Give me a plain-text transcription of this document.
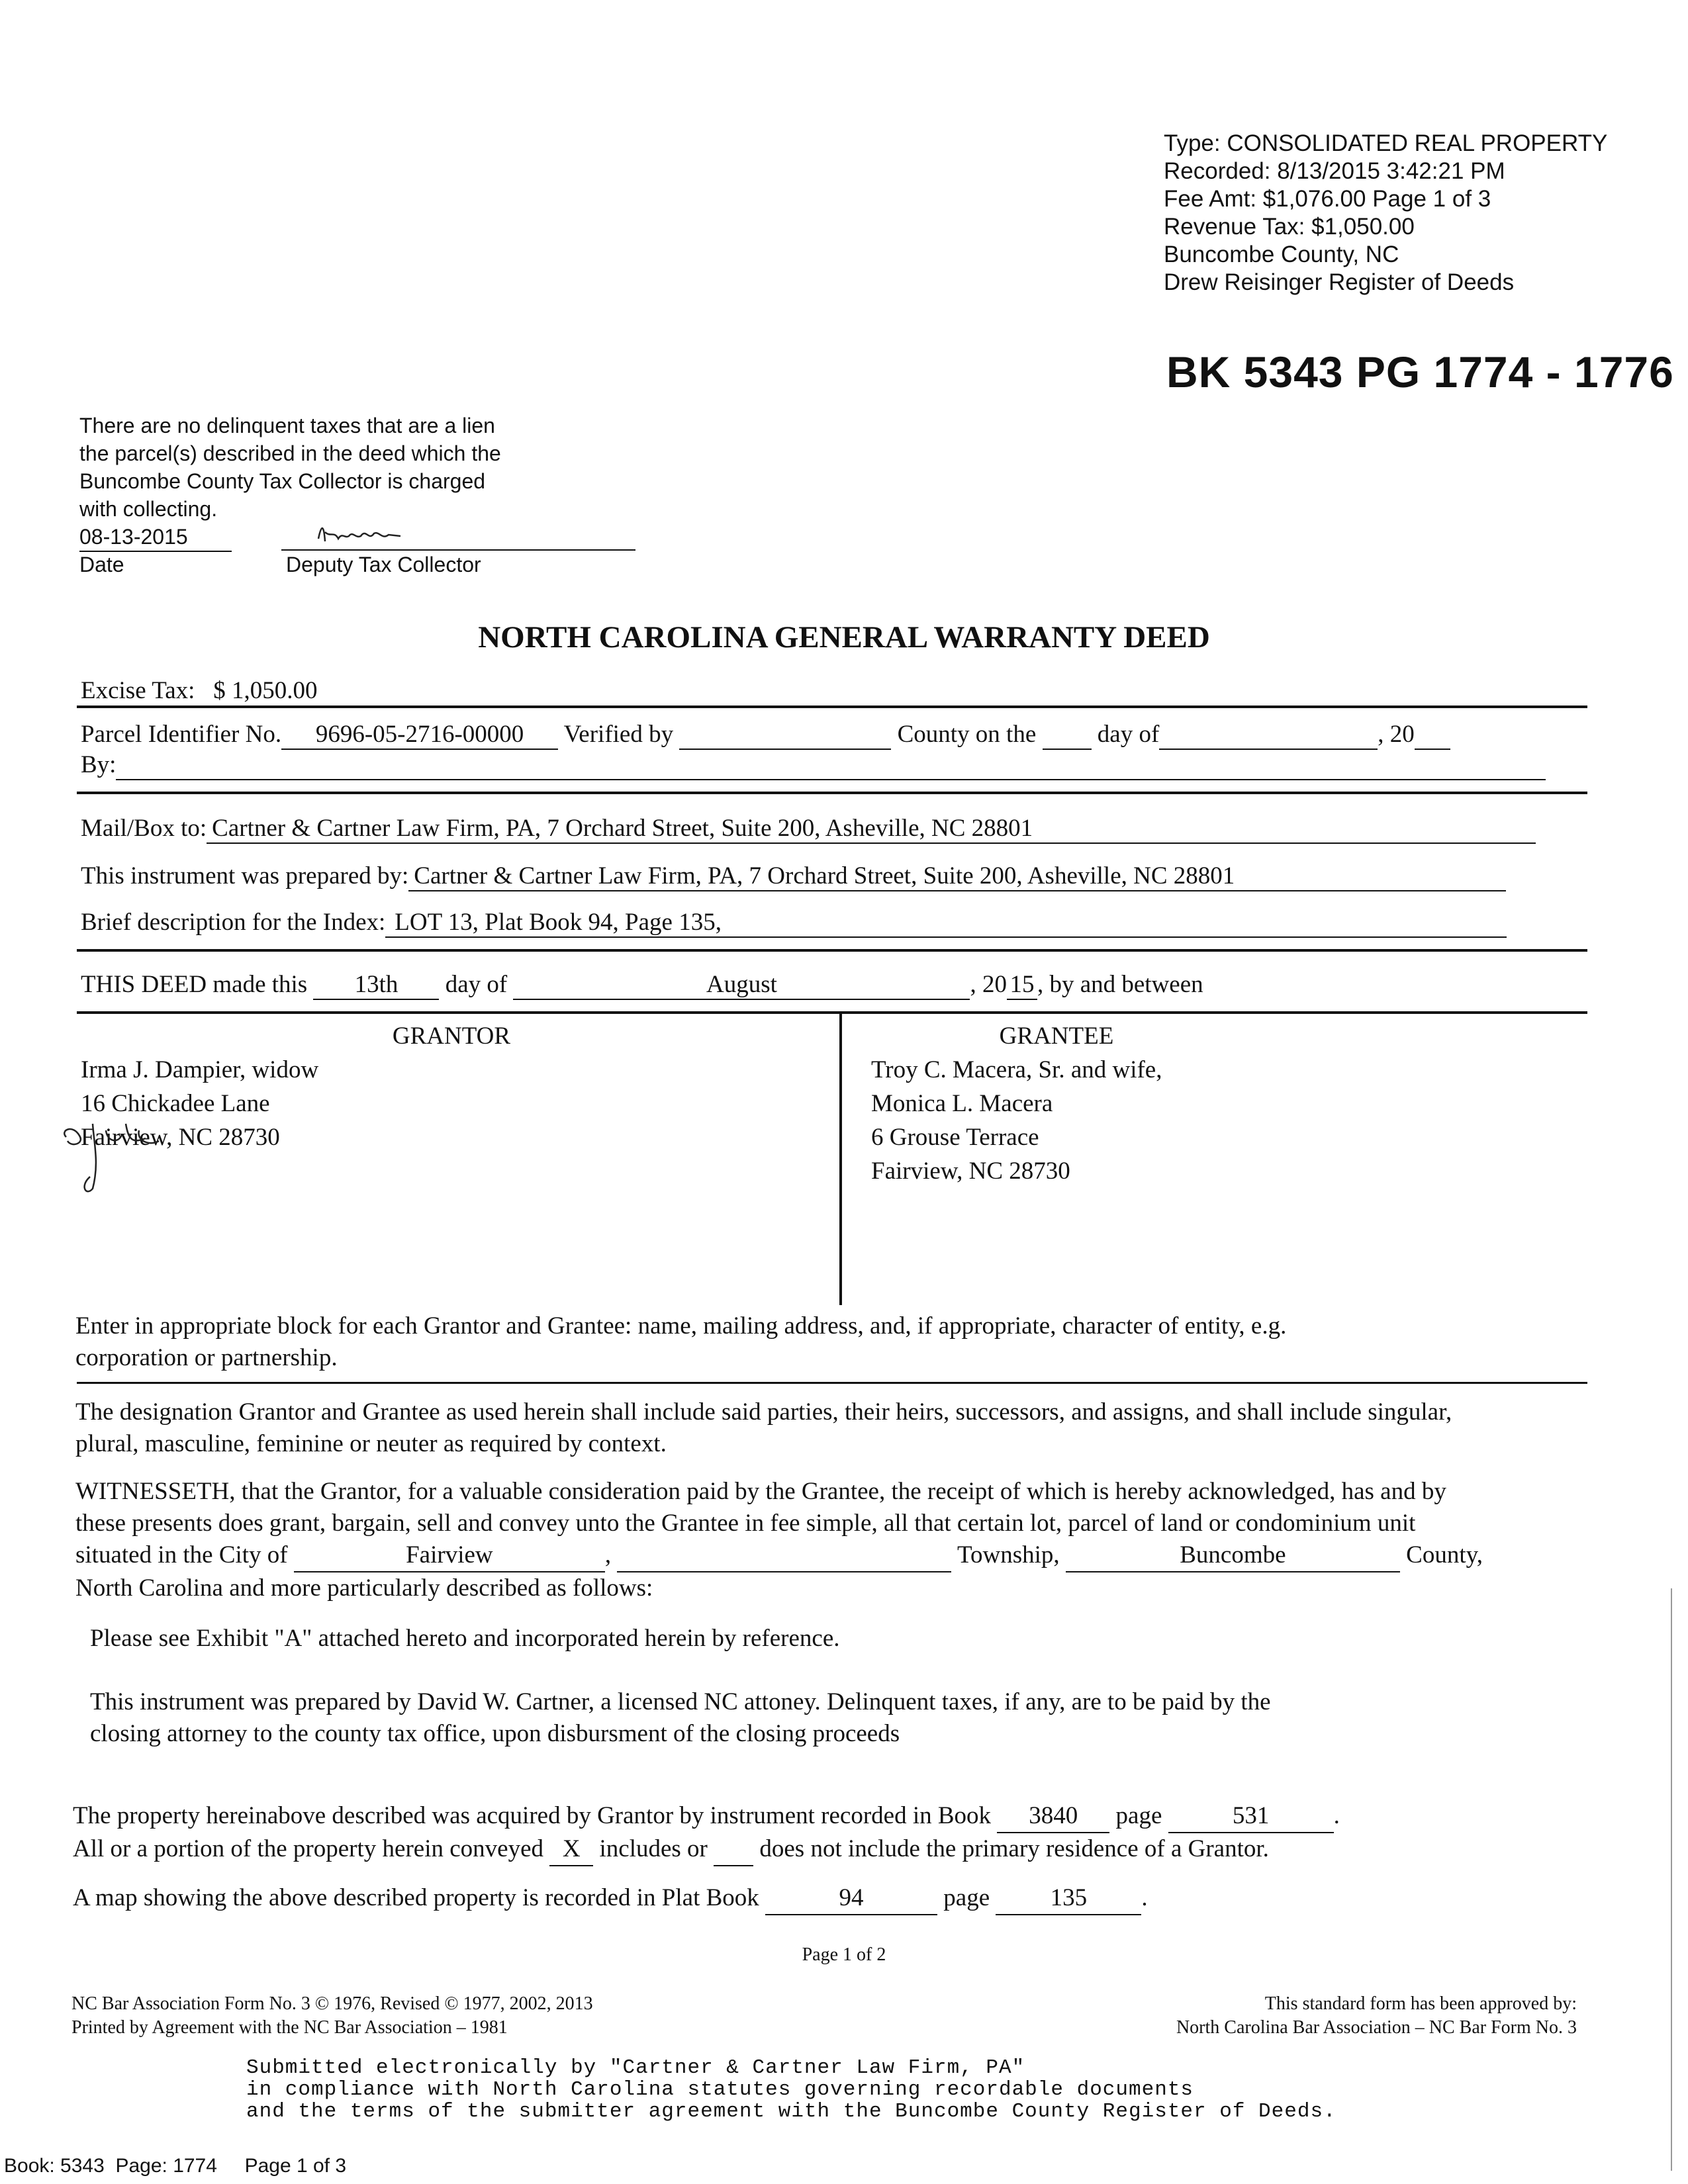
Type: CONSOLIDATED REAL PROPERTY
Recorded: 8/13/2015 3:42:21 PM
Fee Amt: $1,076.00 Page 1 of 3
Revenue Tax: $1,050.00
Buncombe County, NC
Drew Reisinger Register of Deeds
BK 5343 PG 1774 - 1776
There are no delinquent taxes that are a lien
the parcel(s) described in the deed which the
Buncombe County Tax Collector is charged
with collecting.
08-13-2015
Date	Deputy Tax Collector
NORTH CAROLINA GENERAL WARRANTY DEED
Excise Tax: $ 1,050.00
Parcel Identifier No. 9696-05-2716-00000 Verified by	County on the	day of	, 20
By:
Mail/Box to: Cartner & Cartner Law Firm, PA, 7 Orchard Street, Suite 200, Asheville, NC 28801
This instrument was prepared by: Cartner & Cartner Law Firm, PA, 7 Orchard Street, Suite 200, Asheville, NC 28801
Brief description for the Index: LOT 13, Plat Book 94, Page 135,
THIS DEED made this 13th day of	August	, 20 15 , by and between
GRANTOR
Irma J. Dampier, widow
16 Chickadee Lane
Fairview, NC 28730
GRANTEE
Troy C. Macera, Sr. and wife,
Monica L. Macera
6 Grouse Terrace
Fairview, NC 28730
Enter in appropriate block for each Grantor and Grantee: name, mailing address, and, if appropriate, character of entity, e.g.
corporation or partnership.
The designation Grantor and Grantee as used herein shall include said parties, their heirs, successors, and assigns, and shall include singular,
plural, masculine, feminine or neuter as required by context.
WITNESSETH, that the Grantor, for a valuable consideration paid by the Grantee, the receipt of which is hereby acknowledged, has and by
these presents does grant, bargain, sell and convey unto the Grantee in fee simple, all that certain lot, parcel of land or condominium unit
situated in the City of	Fairview	,	Township,	Buncombe	County,
North Carolina and more particularly described as follows:
Please see Exhibit "A" attached hereto and incorporated herein by reference.
This instrument was prepared by David W. Cartner, a licensed NC attoney. Delinquent taxes, if any, are to be paid by the
closing attorney to the county tax office, upon disbursment of the closing proceeds
The property hereinabove described was acquired by Grantor by instrument recorded in Book 3840 page	531	.
All or a portion of the property herein conveyed X includes or does not include the primary residence of a Grantor.
A map showing the above described property is recorded in Plat Book	94	page 135 .
Page 1 of 2
NC Bar Association Form No. 3 © 1976, Revised © 1977, 2002, 2013
Printed by Agreement with the NC Bar Association – 1981
This standard form has been approved by:
North Carolina Bar Association – NC Bar Form No. 3
Submitted electronically by "Cartner & Cartner Law Firm, PA"
in compliance with North Carolina statutes governing recordable documents
and the terms of the submitter agreement with the Buncombe County Register of Deeds.
Book: 5343  Page: 1774     Page 1 of 3
